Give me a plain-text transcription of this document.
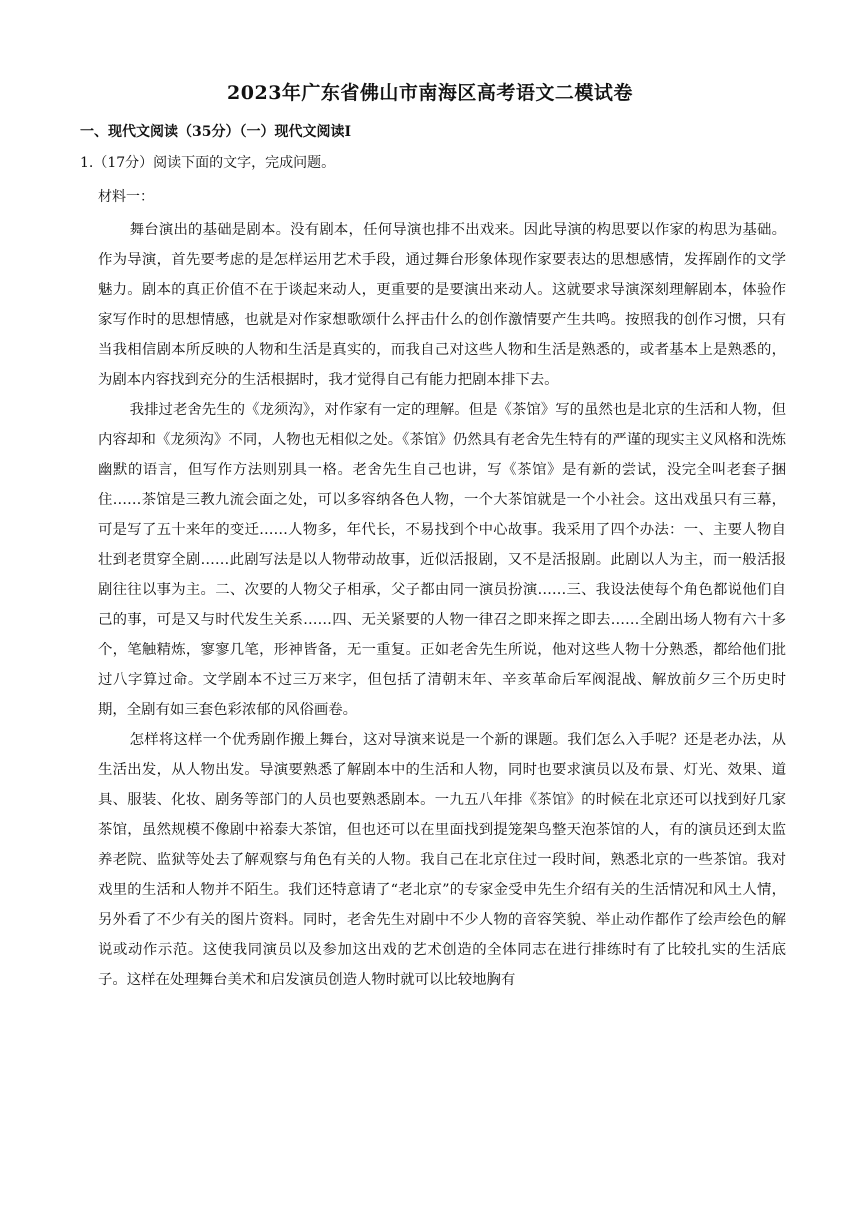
2023年广东省佛山市南海区高考语文二模试卷
一、现代文阅读（35分）（一）现代文阅读Ⅰ
1.（17分）阅读下面的文字，完成问题。
材料一：

舞台演出的基础是剧本。没有剧本，任何导演也排不出戏来。因此导演的构思要以作家的构思为基础。作为导演，首先要考虑的是怎样运用艺术手段，通过舞台形象体现作家要表达的思想感情，发挥剧作的文学魅力。剧本的真正价值不在于谈起来动人，更重要的是要演出来动人。这就要求导演深刻理解剧本，体验作家写作时的思想情感，也就是对作家想歌颂什么抨击什么的创作激情要产生共鸣。按照我的创作习惯，只有当我相信剧本所反映的人物和生活是真实的，而我自己对这些人物和生活是熟悉的，或者基本上是熟悉的，为剧本内容找到充分的生活根据时，我才觉得自己有能力把剧本排下去。

我排过老舍先生的《龙须沟》，对作家有一定的理解。但是《茶馆》写的虽然也是北京的生活和人物，但内容却和《龙须沟》不同，人物也无相似之处。《茶馆》仍然具有老舍先生特有的严谨的现实主义风格和洗炼幽默的语言，但写作方法则别具一格。老舍先生自己也讲，写《茶馆》是有新的尝试，没完全叫老套子捆住……茶馆是三教九流会面之处，可以多容纳各色人物，一个大茶馆就是一个小社会。这出戏虽只有三幕，可是写了五十来年的变迁……人物多，年代长，不易找到个中心故事。我采用了四个办法：一、主要人物自壮到老贯穿全剧……此剧写法是以人物带动故事，近似活报剧，又不是活报剧。此剧以人为主，而一般活报剧往往以事为主。二、次要的人物父子相承，父子都由同一演员扮演……三、我设法使每个角色都说他们自己的事，可是又与时代发生关系……四、无关紧要的人物一律召之即来挥之即去……全剧出场人物有六十多个，笔触精炼，寥寥几笔，形神皆备，无一重复。正如老舍先生所说，他对这些人物十分熟悉，都给他们批过八字算过命。文学剧本不过三万来字，但包括了清朝末年、辛亥革命后军阀混战、解放前夕三个历史时期，全剧有如三套色彩浓郁的风俗画卷。

怎样将这样一个优秀剧作搬上舞台，这对导演来说是一个新的课题。我们怎么入手呢？还是老办法，从生活出发，从人物出发。导演要熟悉了解剧本中的生活和人物，同时也要求演员以及布景、灯光、效果、道具、服装、化妆、剧务等部门的人员也要熟悉剧本。一九五八年排《茶馆》的时候在北京还可以找到好几家茶馆，虽然规模不像剧中裕泰大茶馆，但也还可以在里面找到提笼架鸟整天泡茶馆的人，有的演员还到太监养老院、监狱等处去了解观察与角色有关的人物。我自己在北京住过一段时间，熟悉北京的一些茶馆。我对戏里的生活和人物并不陌生。我们还特意请了“老北京”的专家金受申先生介绍有关的生活情况和风土人情，另外看了不少有关的图片资料。同时，老舍先生对剧中不少人物的音容笑貌、举止动作都作了绘声绘色的解说或动作示范。这使我同演员以及参加这出戏的艺术创造的全体同志在进行排练时有了比较扎实的生活底子。这样在处理舞台美术和启发演员创造人物时就可以比较地胸有
